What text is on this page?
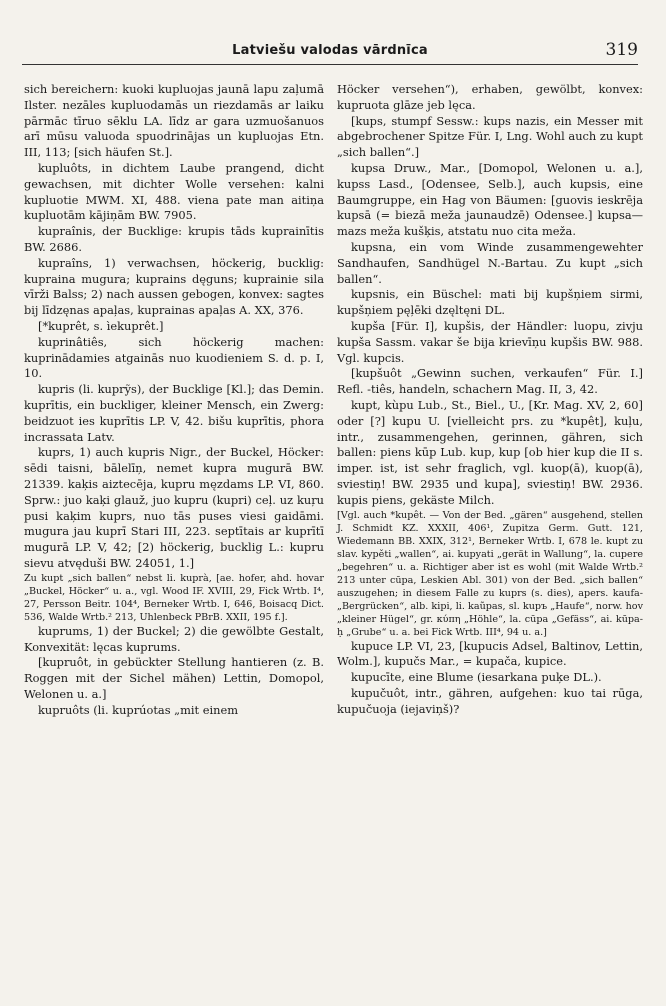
Latviešu valodas vārdnīca	319

sich bereichern: kuoki kupluojas jaunā lapu zaļumā Ilster. nezāles kupluodamās un riezdamās ar laiku pārmāc tīruo sēklu LA. līdz ar gara uzmuošanuos arī mūsu valuoda spuodrinājas un kupluojas Etn. III, 113; [sich häufen St.].

kupluôts, in dichtem Laube prangend, dicht gewachsen, mit dichter Wolle versehen: kalni kupluotie MWM. XI, 488. viena pate man aitiņa kupluotām kājiņām BW. 7905.

kupraînis, der Bucklige: krupis tāds kuprainītis BW. 2686.

kupraîns, 1) verwachsen, höckerig, bucklig: kupraina mugura; kuprains dęguns; kuprainie sila vīrži Balss; 2) nach aussen gebogen, konvex: sagtes bij līdzęnas apaļas, kuprainas apaļas A. XX, 376.

[*kuprêt, s. ìekuprêt.]

kuprinâtiês, sich höckerig machen: kuprinādamies atgainās nuo kuodieniem S. d. p. I, 10.

kupris (li. kuprỹs), der Bucklige [Kl.]; das Demin. kuprītis, ein buckliger, kleiner Mensch, ein Zwerg: beidzuot ies kuprītis LP. V, 42. bišu kuprītis, phora incrassata Latv.

kuprs, 1) auch kupris Nigr., der Buckel, Höcker: sēdi taisni, bālelīņ, nemet kupra mugurā BW. 21339. kaķis aiztecēja, kupru męzdams LP. VI, 860. Sprw.: juo kaķi glauž, juo kupru (kupri) ceļ. uz kuŗu pusi kaķim kuprs, nuo tās puses viesi gaidāmi. mugura jau kuprī Stari III, 223. septītais ar kuprītī mugurā LP. V, 42; [2) höckerig, bucklig L.: kupru sievu atvęduši BW. 24051, 1.]

Zu kupt „sich ballen“ nebst li. kuprà, [ae. hofer, ahd. hovar „Buckel, Höcker“ u. a., vgl. Wood IF. XVIII, 29, Fick Wrtb. I⁴, 27, Persson Beitr. 104⁴, Berneker Wrtb. I, 646, Boisacq Dict. 536, Walde Wrtb.² 213, Uhlenbeck PBrB. XXII, 195 f.].

kuprums, 1) der Buckel; 2) die gewölbte Gestalt, Konvexität: lęcas kuprums.

[kupruôt, in gebückter Stellung hantieren (z. B. Roggen mit der Sichel mähen) Lettin, Domopol, Welonen u. a.]

kupruôts (li. kuprúotas „mit einem

Höcker versehen“), erhaben, gewölbt, konvex: kupruota glāze jeb lęca.

[kups, stumpf Sessw.: kups nazis, ein Messer mit abgebrochener Spitze Für. I, Lng. Wohl auch zu kupt „sich ballen“.]

kupsa Druw., Mar., [Domopol, Welonen u. a.], kupss Lasd., [Odensee, Selb.], auch kupsis, eine Baumgruppe, ein Hag von Bäumen: [guovis ieskrēja kupsā (= biezā meža jaunaudzē) Odensee.] kupsa—mazs meža kušķis, atstatu nuo cita meža.

kupsna, ein vom Winde zusammengewehter Sandhaufen, Sandhügel N.-Bartau. Zu kupt „sich ballen“.

kupsnis, ein Büschel: mati bij kupšņiem sirmi, kupšņiem pęļēki dzęltęni DL.

kupša [Für. I], kupšis, der Händler: luopu, zivju kupša Sassm. vakar še bija krievīņu kupšis BW. 988. Vgl. kupcis.

[kupšuôt „Gewinn suchen, verkaufen“ Für. I.] Refl. -tiês, handeln, schachern Mag. II, 3, 42.

kupt, kùpu Lub., St., Biel., U., [Kr. Mag. XV, 2, 60] oder [?] kupu U. [vielleicht prs. zu *kupêt], kuļu, intr., zusammengehen, gerinnen, gähren, sich ballen: piens kūp Lub. kup, kup [ob hier kup die II s. imper. ist, ist sehr fraglich, vgl. kuop(ā), kuop(ā), sviestiņ! BW. 2935 und kupa], sviestiņ! BW. 2936. kupis piens, gekäste Milch.

[Vgl. auch *kupêt. — Von der Bed. „gären“ ausgehend, stellen J. Schmidt KZ. XXXII, 406¹, Zupitza Germ. Gutt. 121, Wiedemann BB. XXIX, 312¹, Berneker Wrtb. I, 678 le. kupt zu slav. kypěti „wallen“, ai. kupyati „gerät in Wallung“, la. cupere „begehren“ u. a. Richtiger aber ist es wohl (mit Walde Wrtb.² 213 unter cūpa, Leskien Abl. 301) von der Bed. „sich ballen“ auszugehen; in diesem Falle zu kuprs (s. dies), apers. kaufa- „Bergrücken“, alb. kipi, li. kaũpas, sl. kupъ „Haufe“, norw. hov „kleiner Hügel“, gr. κύπη „Höhle“, la. cūpa „Gefäss“, ai. kūpa-ḥ „Grube“ u. a. bei Fick Wrtb. III⁴, 94 u. a.]

kupuce LP. VI, 23, [kupucis Adsel, Baltinov, Lettin, Wolm.], kupučs Mar., = kupača, kupice.

kupucīte, eine Blume (iesarkana puķe DL.).

kupučuôt, intr., gähren, aufgehen: kuo tai rūga, kupučuoja (iejaviņš)?
